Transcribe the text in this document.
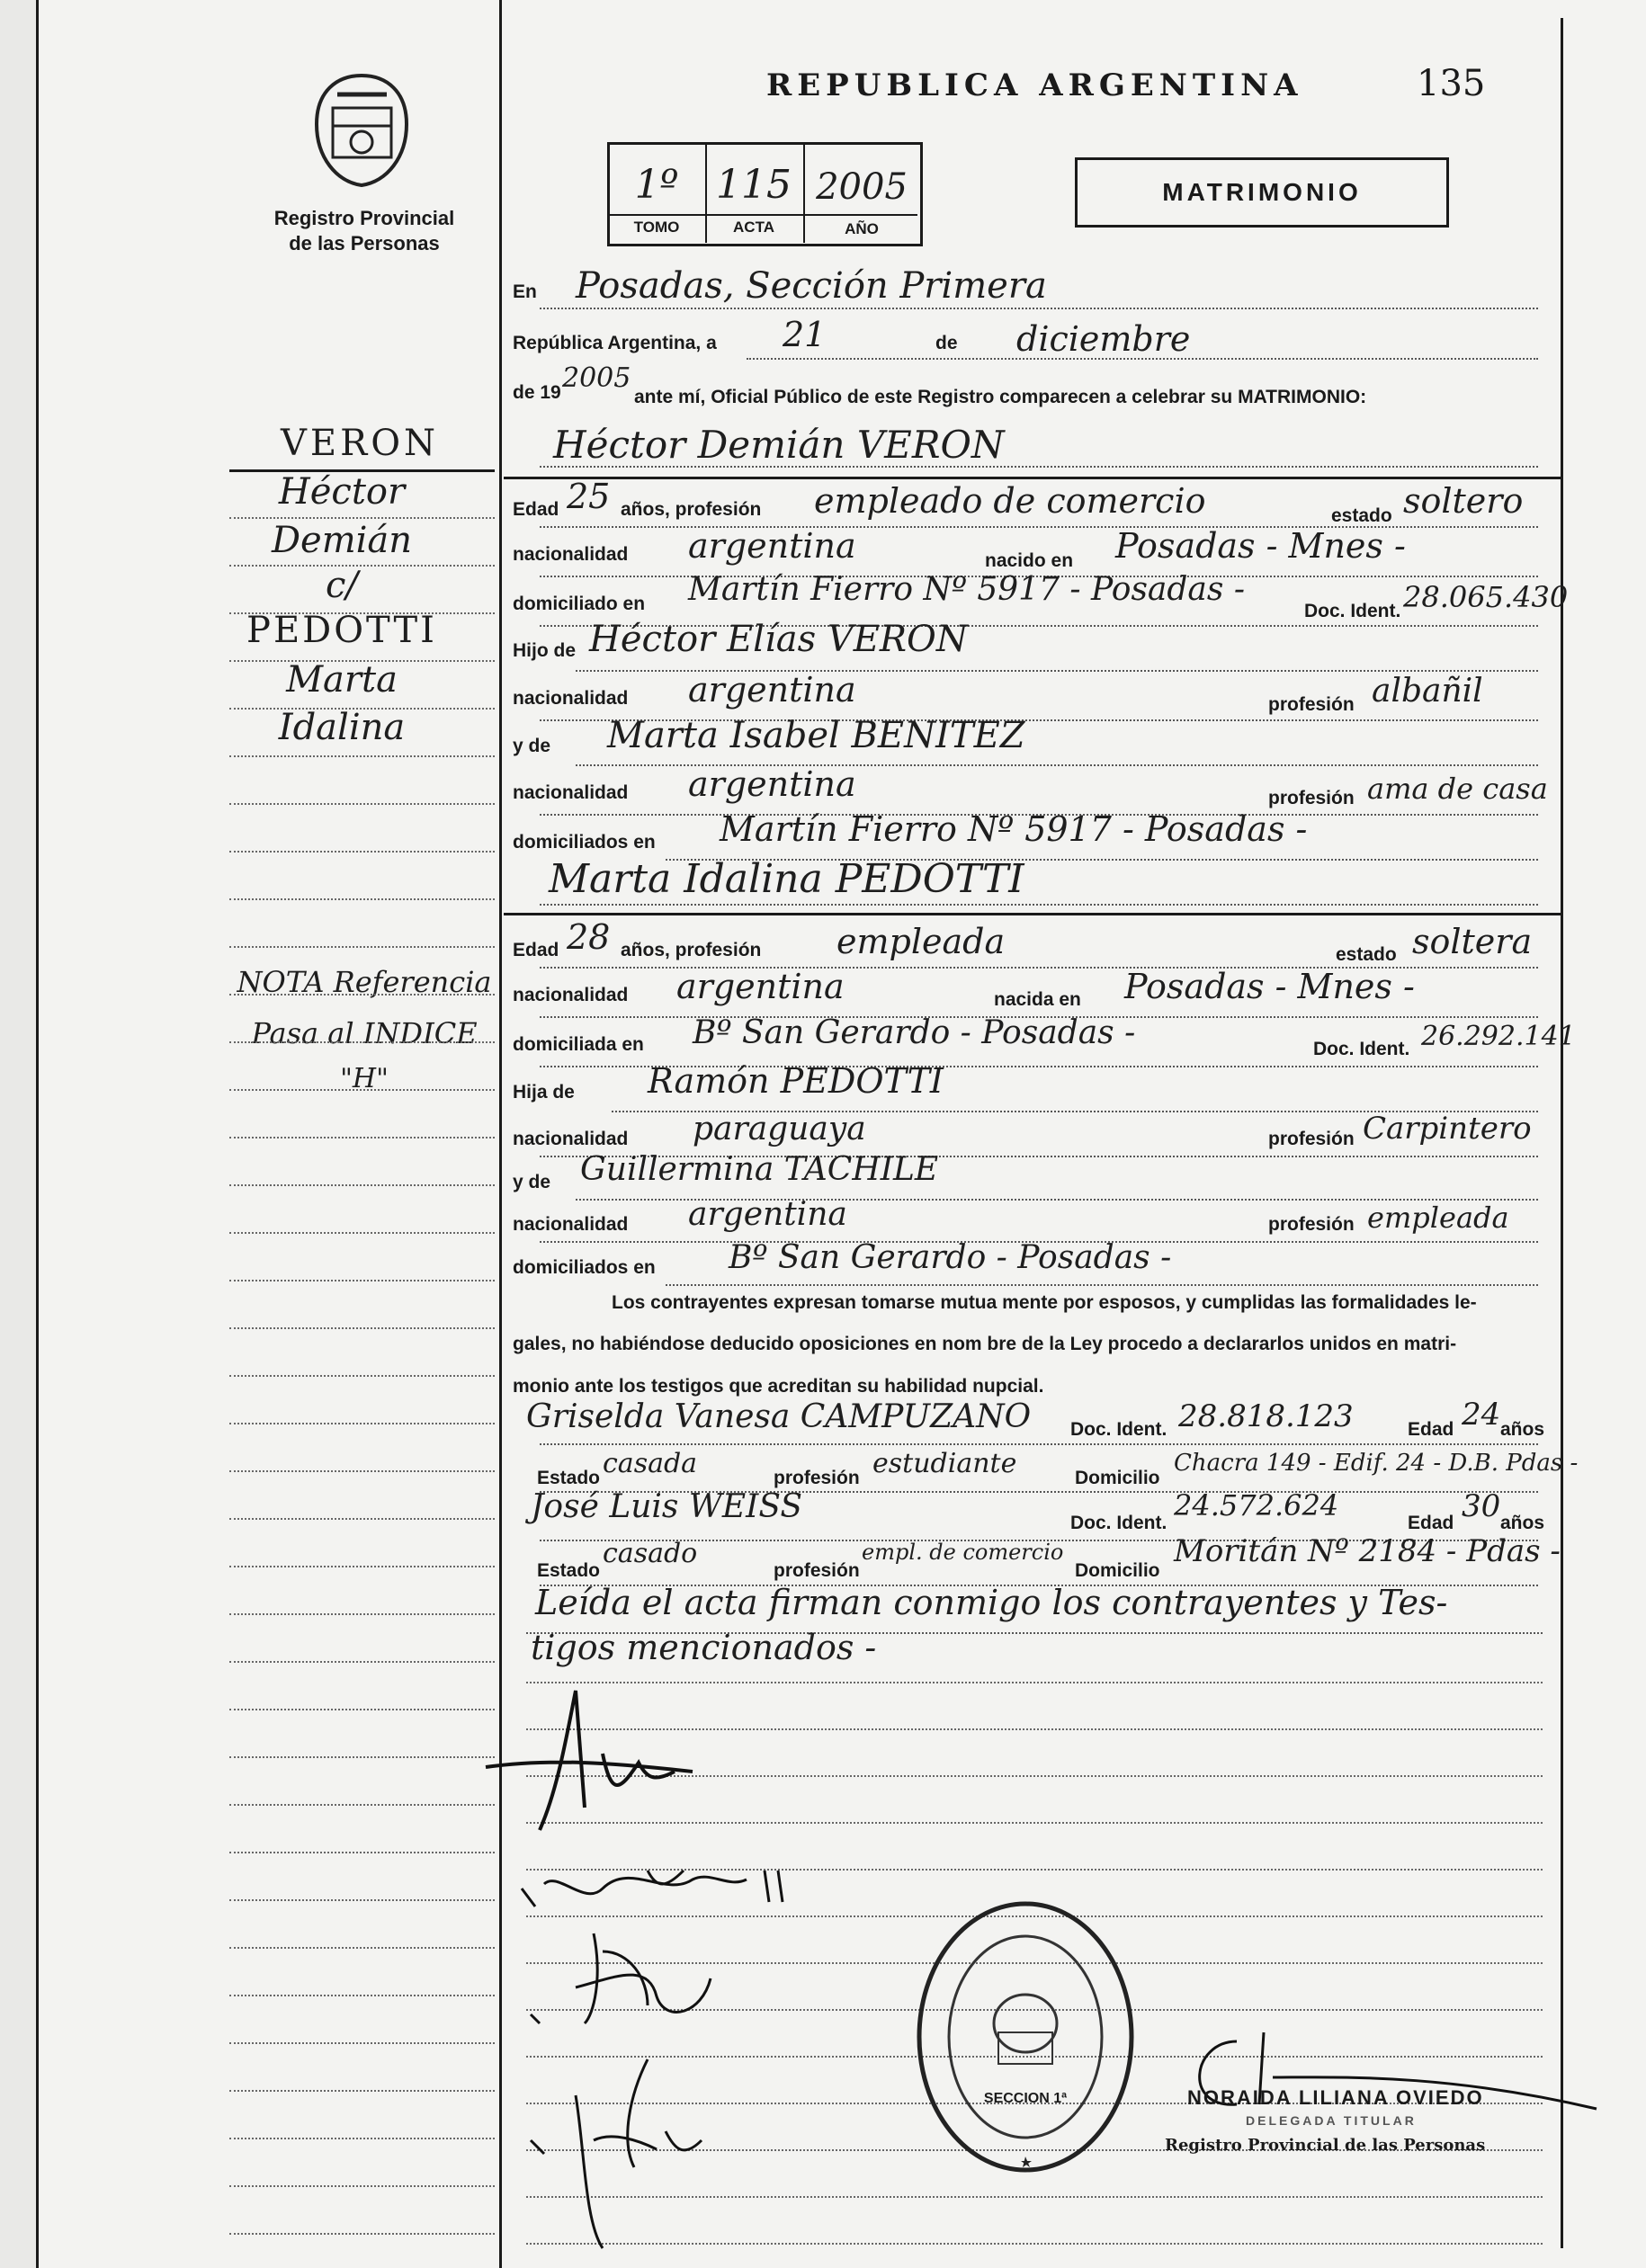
Registro Provincial
de las Personas
REPUBLICA ARGENTINA	135
1º 115 2005
TOMO	ACTA	AÑO
MATRIMONIO
VERON
Héctor
Demián
c/
PEDOTTI
Marta
Idalina
NOTA Referencia
Pasa al INDICE
"H"
En Posadas, Sección Primera
República Argentina, a 21	de diciembre
de 19 2005
ante mí, Oficial Público de este Registro comparecen a celebrar su MATRIMONIO:
Héctor Demián VERON
Edad 25 años, profesión empleado de comercio	estado soltero
nacionalidad argentina	nacido en Posadas - Mnes -
domiciliado en Martín Fierro Nº 5917 - Posadas -
Doc. Ident. 28.065.430
Hijo de Héctor Elías VERON
nacionalidad argentina	profesión albañil
y de Marta Isabel BENITEZ
nacionalidad argentina	profesión ama de casa
domiciliados en Martín Fierro Nº 5917 - Posadas -
Marta Idalina PEDOTTI
Edad 28 años, profesión empleada	estado soltera
nacionalidad argentina	nacida en Posadas - Mnes -
domiciliada en Bº San Gerardo - Posadas -	Doc. Ident. 26.292.141
Hija de Ramón PEDOTTI
nacionalidad paraguaya	profesión Carpintero
y de Guillermina TACHILE
nacionalidad argentina	profesión empleada
domiciliados en Bº San Gerardo - Posadas -
Los contrayentes expresan tomarse mutua mente por esposos, y cumplidas las formalidades le-
gales, no habiéndose deducido oposiciones en nom bre de la Ley procedo a declararlos unidos en matri-
monio ante los testigos que acreditan su habilidad nupcial.
Griselda Vanesa CAMPUZANO Doc. Ident. 28.818.123	Edad 24 años
Estado casada	profesión estudiante	Domicilio
Chacra 149 - Edif. 24 - D.B. Pdas -
José Luis WEISS	Doc. Ident.
24.572.624
Edad 30 años
Estado
casado
profesión
empl. de comercio
Domicilio
Moritán Nº 2184 - Pdas -
Leída el acta firman conmigo los contrayentes y Tes-
tigos mencionados -
SECCION 1ª	NORAIDA LILIANA OVIEDO
DELEGADA TITULAR
Registro Provincial de las Personas
